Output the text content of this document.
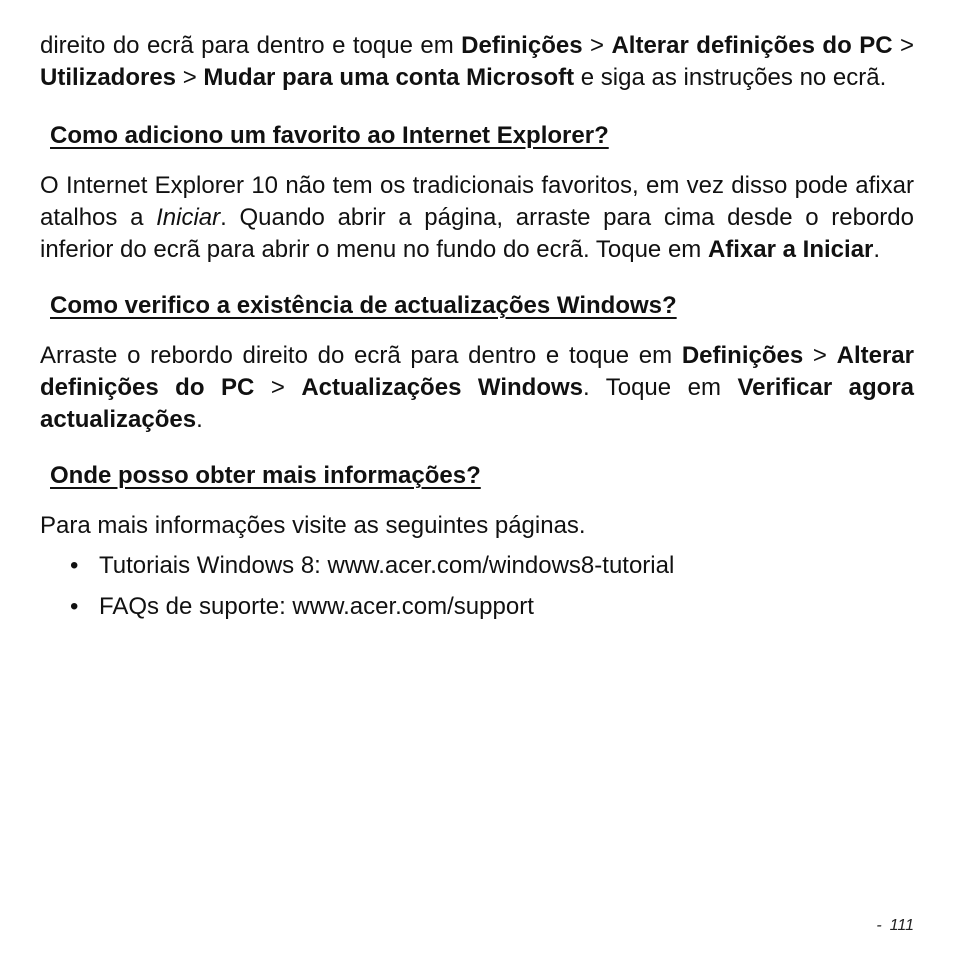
direito do ecrã para dentro e toque em Definições > Alterar definições do PC > Utilizadores > Mudar para uma conta Microsoft e siga as instruções no ecrã.

Como adiciono um favorito ao Internet Explorer?

O Internet Explorer 10 não tem os tradicionais favoritos, em vez disso pode afixar atalhos a Iniciar. Quando abrir a página, arraste para cima desde o rebordo inferior do ecrã para abrir o menu no fundo do ecrã. Toque em Afixar a Iniciar.

Como verifico a existência de actualizações Windows?

Arraste o rebordo direito do ecrã para dentro e toque em Definições > Alterar definições do PC > Actualizações Windows. Toque em Verificar agora actualizações.

Onde posso obter mais informações?

Para mais informações visite as seguintes páginas.

• Tutoriais Windows 8: www.acer.com/windows8-tutorial
• FAQs de suporte: www.acer.com/support
- 111
